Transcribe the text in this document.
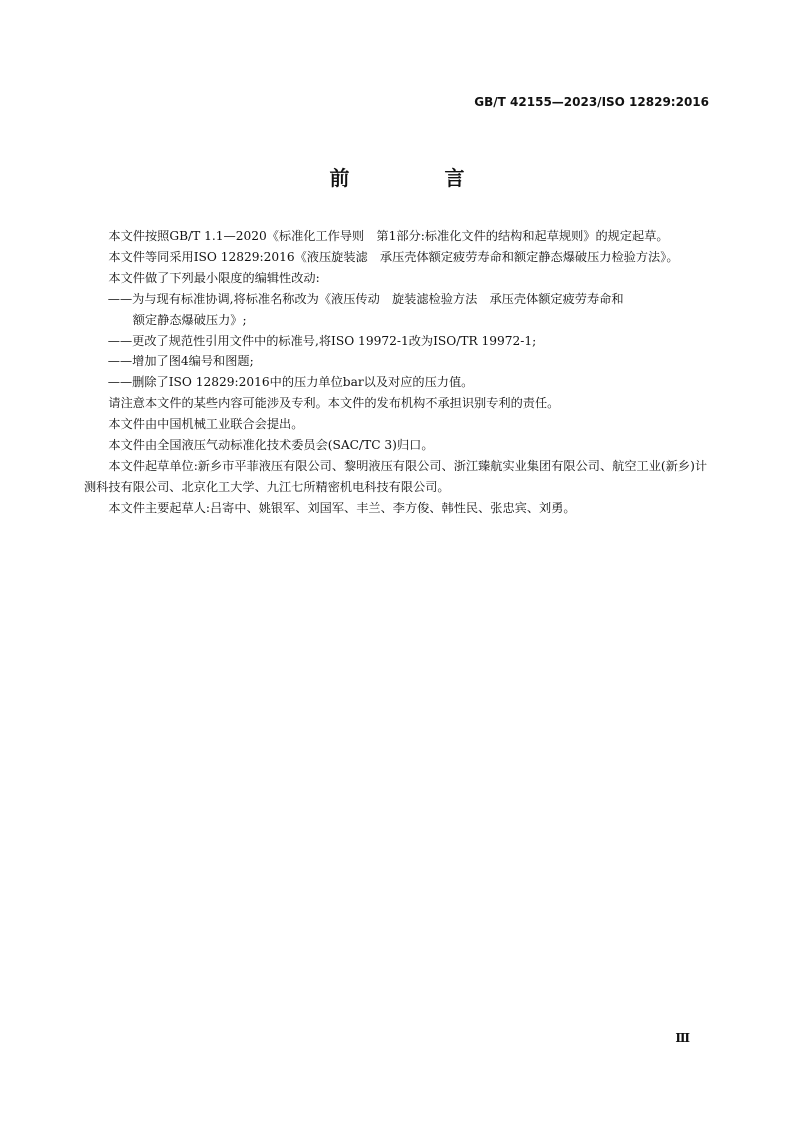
GB/T 42155—2023/ISO 12829:2016
前 言

本文件按照GB/T 1.1—2020《标准化工作导则　第1部分:标准化文件的结构和起草规则》的规定起草。

本文件等同采用ISO 12829:2016《液压旋装滤　承压壳体额定疲劳寿命和额定静态爆破压力检验方法》。

本文件做了下列最小限度的编辑性改动:

——为与现有标准协调,将标准名称改为《液压传动　旋装滤检验方法　承压壳体额定疲劳寿命和
额定静态爆破压力》;

——更改了规范性引用文件中的标准号,将ISO 19972-1改为ISO/TR 19972-1;

——增加了图4编号和图题;

——删除了ISO 12829:2016中的压力单位bar以及对应的压力值。

请注意本文件的某些内容可能涉及专利。本文件的发布机构不承担识别专利的责任。

本文件由中国机械工业联合会提出。

本文件由全国液压气动标准化技术委员会(SAC/TC 3)归口。

本文件起草单位:新乡市平菲液压有限公司、黎明液压有限公司、浙江臻航实业集团有限公司、航空工业(新乡)计测科技有限公司、北京化工大学、九江七所精密机电科技有限公司。

本文件主要起草人:吕寄中、姚银军、刘国军、丰兰、李方俊、韩性民、张忠宾、刘勇。

Ⅲ
